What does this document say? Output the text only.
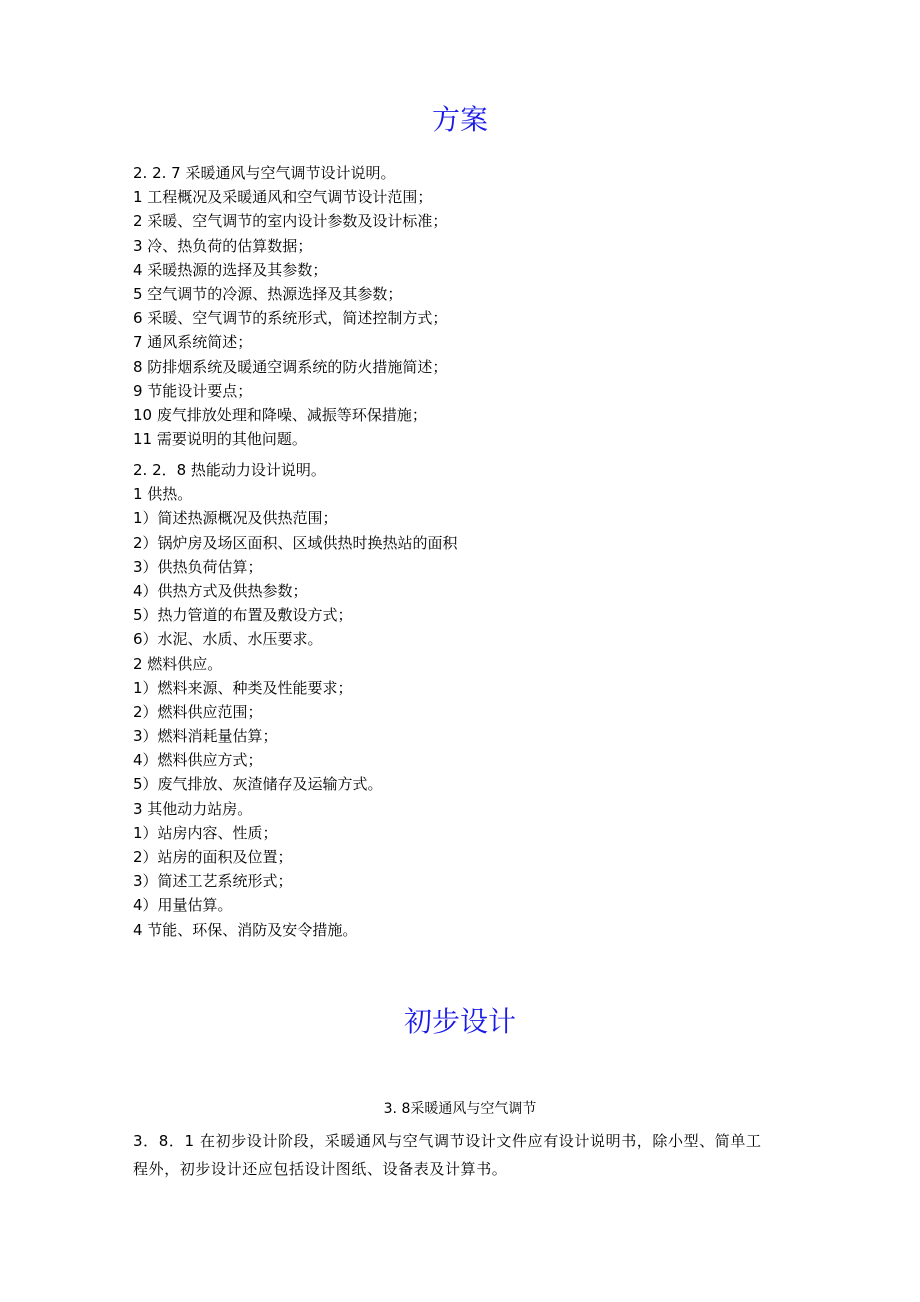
方案
2. 2. 7 采暖通风与空气调节设计说明。
1 工程概况及采暖通风和空气调节设计范围；
2 采暖、空气调节的室内设计参数及设计标准；
3 冷、热负荷的估算数据；
4 采暖热源的选择及其参数；
5 空气调节的冷源、热源选择及其参数；
6 采暖、空气调节的系统形式，简述控制方式；
7 通风系统简述；
8 防排烟系统及暖通空调系统的防火措施简述；
9 节能设计要点；
10 废气排放处理和降噪、减振等环保措施；
11 需要说明的其他问题。
2. 2．8 热能动力设计说明。
1 供热。
1）简述热源概况及供热范围；
2）锅炉房及场区面积、区域供热时换热站的面积
3）供热负荷估算；
4）供热方式及供热参数；
5）热力管道的布置及敷设方式；
6）水泥、水质、水压要求。
2 燃料供应。
1）燃料来源、种类及性能要求；
2）燃料供应范围；
3）燃料消耗量估算；
4）燃料供应方式；
5）废气排放、灰渣储存及运输方式。
3 其他动力站房。
1）站房内容、性质；
2）站房的面积及位置；
3）简述工艺系统形式；
4）用量估算。
4 节能、环保、消防及安令措施。
初步设计
3. 8采暖通风与空气调节
3．8．1 在初步设计阶段，采暖通风与空气调节设计文件应有设计说明书，除小型、简单工程外，初步设计还应包括设计图纸、设备表及计算书。
